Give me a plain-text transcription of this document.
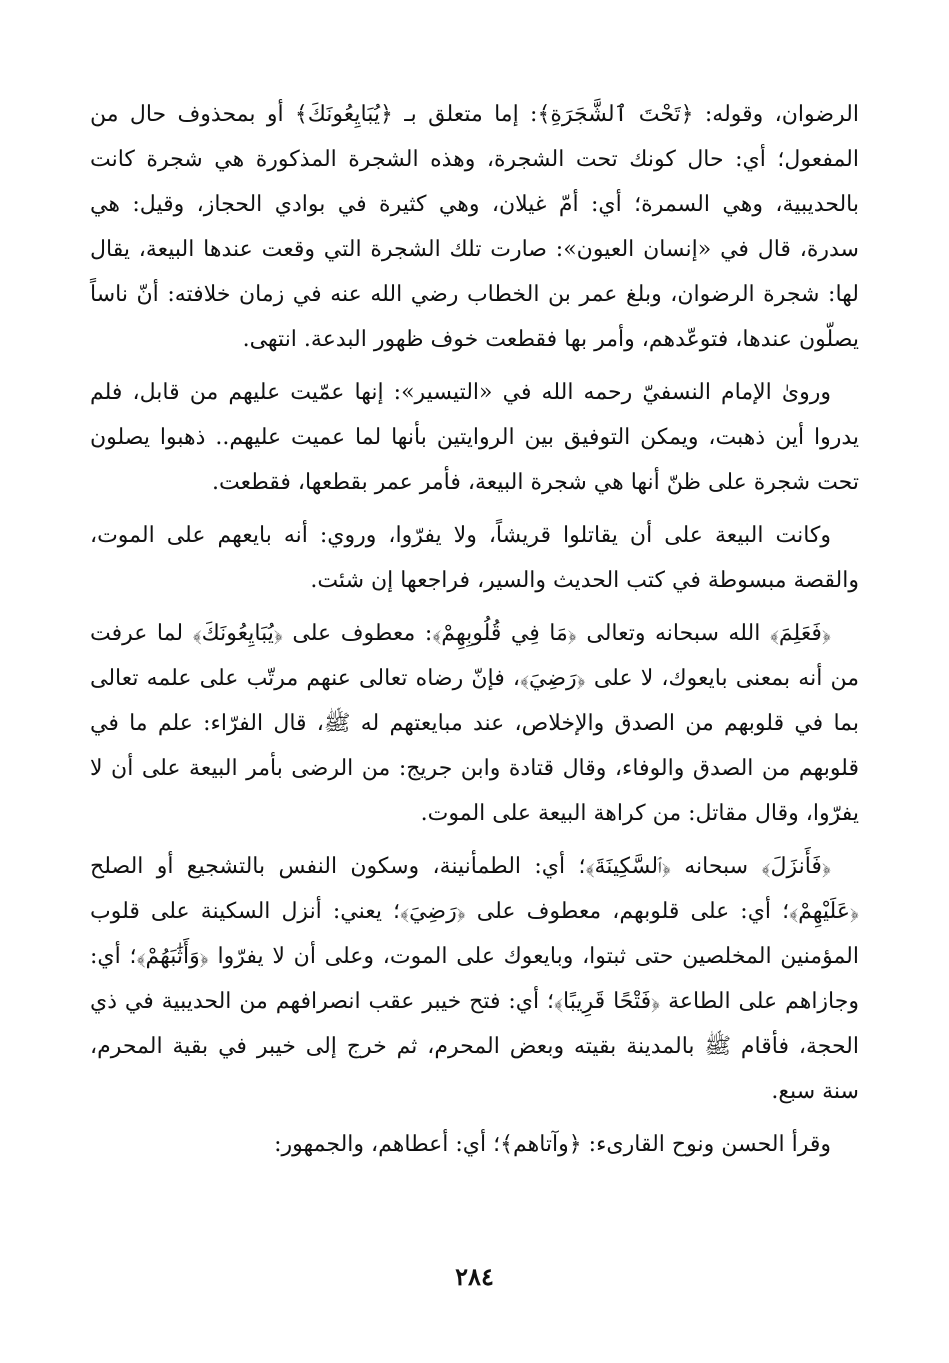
الرضوان، وقوله: ﴿تَحْتَ ٱلشَّجَرَةِ﴾: إما متعلق بـ ﴿يُبَايِعُونَكَ﴾ أو بمحذوف حال من المفعول؛ أي: حال كونك تحت الشجرة، وهذه الشجرة المذكورة هي شجرة كانت بالحديبية، وهي السمرة؛ أي: أمّ غيلان، وهي كثيرة في بوادي الحجاز، وقيل: هي سدرة، قال في «إنسان العيون»: صارت تلك الشجرة التي وقعت عندها البيعة، يقال لها: شجرة الرضوان، وبلغ عمر بن الخطاب رضي الله عنه في زمان خلافته: أنّ ناساً يصلّون عندها، فتوعّدهم، وأمر بها فقطعت خوف ظهور البدعة. انتهى.

ورویٰ الإمام النسفيّ رحمه الله في «التيسير»: إنها عمّيت عليهم من قابل، فلم يدروا أين ذهبت، ويمكن التوفيق بين الروايتين بأنها لما عميت عليهم.. ذهبوا يصلون تحت شجرة على ظنّ أنها هي شجرة البيعة، فأمر عمر بقطعها، فقطعت.

وكانت البيعة على أن يقاتلوا قريشاً، ولا يفرّوا، وروي: أنه بايعهم على الموت، والقصة مبسوطة في كتب الحديث والسير، فراجعها إن شئت.

﴿فَعَلِمَ﴾ الله سبحانه وتعالى ﴿مَا فِي قُلُوبِهِمْ﴾: معطوف على ﴿يُبَايِعُونَكَ﴾ لما عرفت من أنه بمعنى بايعوك، لا على ﴿رَضِيَ﴾، فإنّ رضاه تعالى عنهم مرتّب على علمه تعالى بما في قلوبهم من الصدق والإخلاص، عند مبايعتهم له ﷺ، قال الفرّاء: علم ما في قلوبهم من الصدق والوفاء، وقال قتادة وابن جريج: من الرضى بأمر البيعة على أن لا يفرّوا، وقال مقاتل: من كراهة البيعة على الموت.

﴿فَأَنزَلَ﴾ سبحانه ﴿ٱلسَّكِينَةَ﴾؛ أي: الطمأنينة، وسكون النفس بالتشجيع أو الصلح ﴿عَلَيْهِمْ﴾؛ أي: على قلوبهم، معطوف على ﴿رَضِيَ﴾؛ يعني: أنزل السكينة على قلوب المؤمنين المخلصين حتى ثبتوا، وبايعوك على الموت، وعلى أن لا يفرّوا ﴿وَأَثَٰبَهُمْ﴾؛ أي: وجازاهم على الطاعة ﴿فَتْحًا قَرِيبًا﴾؛ أي: فتح خيبر عقب انصرافهم من الحديبية في ذي الحجة، فأقام ﷺ بالمدينة بقيته وبعض المحرم، ثم خرج إلى خيبر في بقية المحرم، سنة سبع.

وقرأ الحسن ونوح القارىء: ﴿وآتاهم﴾؛ أي: أعطاهم، والجمهور:

٢٨٤
